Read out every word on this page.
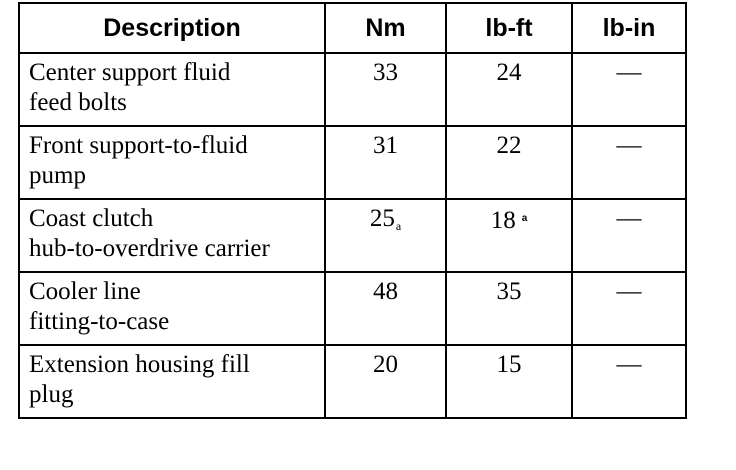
Description	Nm	lb-ft	lb-in

Center support fluid
feed bolts	33	24	—

Front support-to-fluid
pump	31	22	—

Coast clutch
hub-to-overdrive carrier	$25_a$	18 $^a$	—

Cooler line
fitting-to-case	48	35	—

Extension housing fill
plug	20	15	—
